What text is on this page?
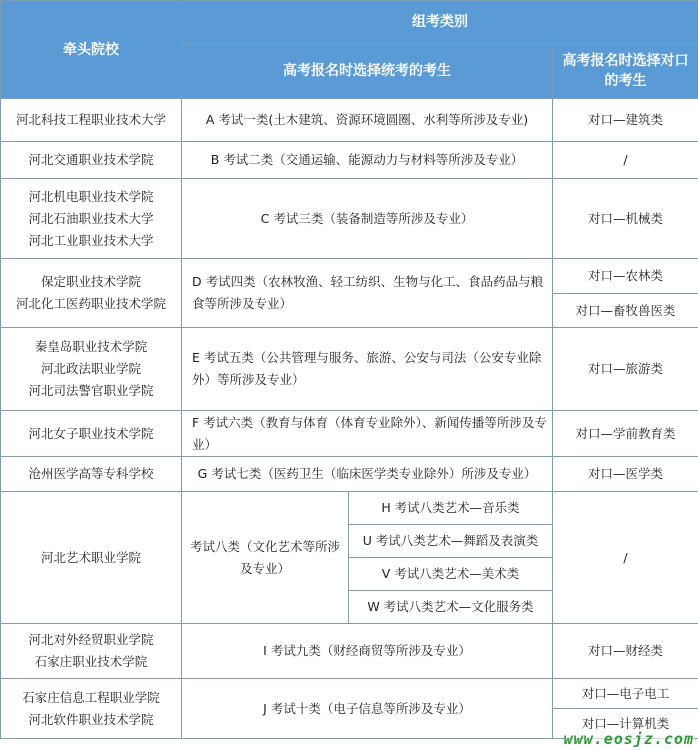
牵头院校	组考类别		
	高考报名时选择统考的考生		高考报名时选择对口的考生

河北科技工程职业技术大学	A 考试一类(土木建筑、资源环境圆圈、水利等所涉及专业)		对口—建筑类

河北交通职业技术学院	B 考试二类（交通运输、能源动力与材料等所涉及专业）		/

河北机电职业技术学院
河北石油职业技术大学
河北工业职业技术大学	C 考试三类（装备制造等所涉及专业）		对口—机械类

保定职业技术学院
河北化工医药职业技术学院	D 考试四类（农林牧渔、轻工纺织、生物与化工、食品药品与粮食等所涉及专业）		对口—农林类
			对口—畜牧兽医类

秦皇岛职业技术学院
河北政法职业学院
河北司法警官职业学院	E 考试五类（公共管理与服务、旅游、公安与司法（公安专业除外）等所涉及专业）		对口—旅游类

河北女子职业技术学院	F 考试六类（教育与体育（体育专业除外）、新闻传播等所涉及专业）		对口—学前教育类

沧州医学高等专科学校	G 考试七类（医药卫生（临床医学类专业除外）所涉及专业）		对口—医学类

河北艺术职业学院	考试八类（文化艺术等所涉及专业）	H 考试八类艺术—音乐类	/
		U 考试八类艺术—舞蹈及表演类	
		V 考试八类艺术—美术类	
		W 考试八类艺术—文化服务类	

河北对外经贸职业学院
石家庄职业技术学院	I 考试九类（财经商贸等所涉及专业）		对口—财经类

石家庄信息工程职业学院
河北软件职业技术学院	J 考试十类（电子信息等所涉及专业）		对口—电子电工
			对口—计算机类
www.eosjz.com
